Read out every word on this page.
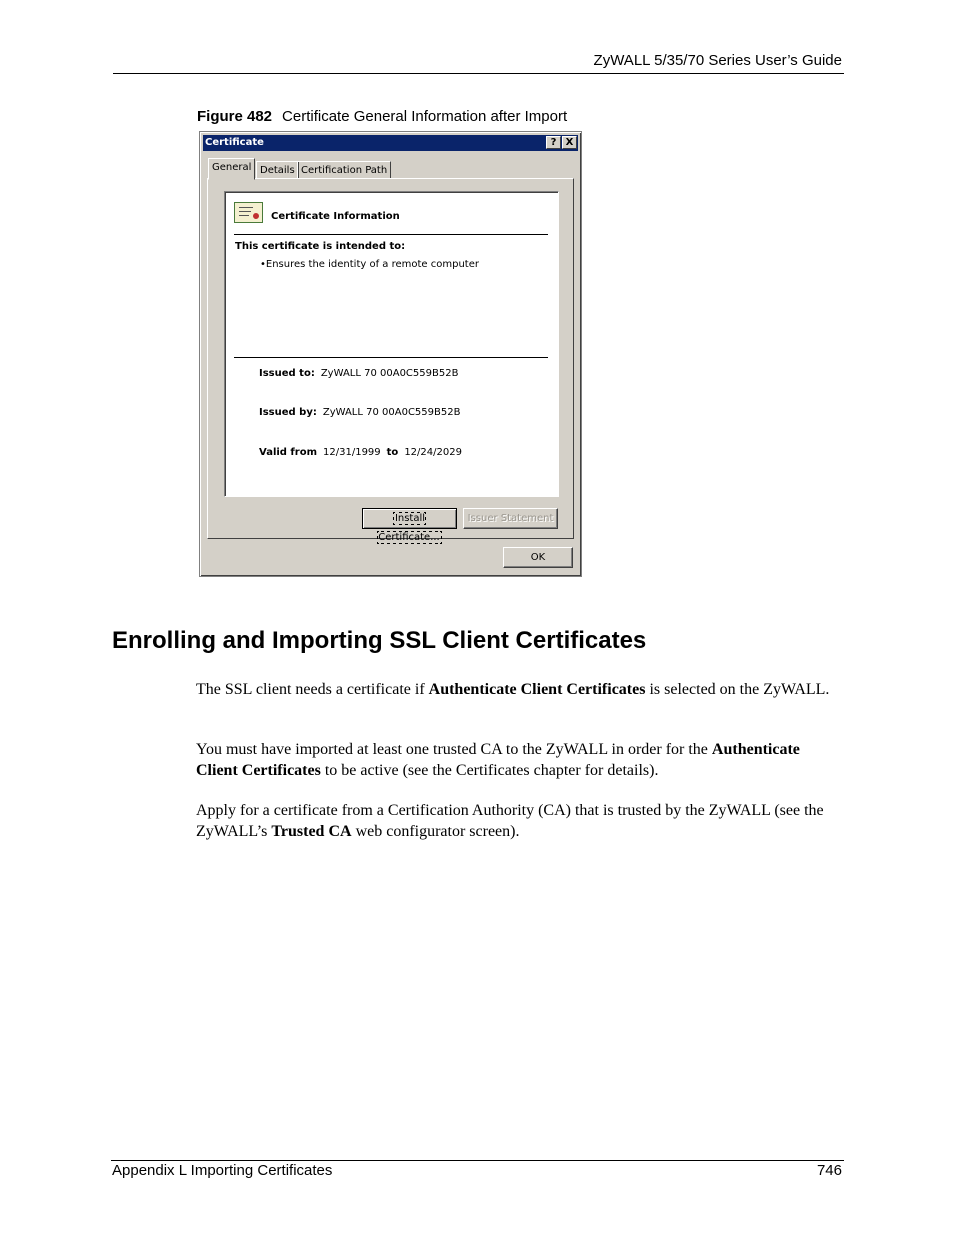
ZyWALL 5/35/70 Series User’s Guide
Figure 482 Certificate General Information after Import
Certificate	? X
General Details Certification Path
Certificate Information
This certificate is intended to:
•Ensures the identity of a remote computer
Issued to: ZyWALL 70 00A0C559B52B
Issued by: ZyWALL 70 00A0C559B52B
Valid from 12/31/1999 to 12/24/2029
Install Certificate...
Issuer Statement
OK
Enrolling and Importing SSL Client Certificates
The SSL client needs a certificate if Authenticate Client Certificates is selected on the ZyWALL.
You must have imported at least one trusted CA to the ZyWALL in order for the Authenticate Client Certificates to be active (see the Certificates chapter for details).
Apply for a certificate from a Certification Authority (CA) that is trusted by the ZyWALL (see the ZyWALL’s Trusted CA web configurator screen).
Appendix L Importing Certificates	746
